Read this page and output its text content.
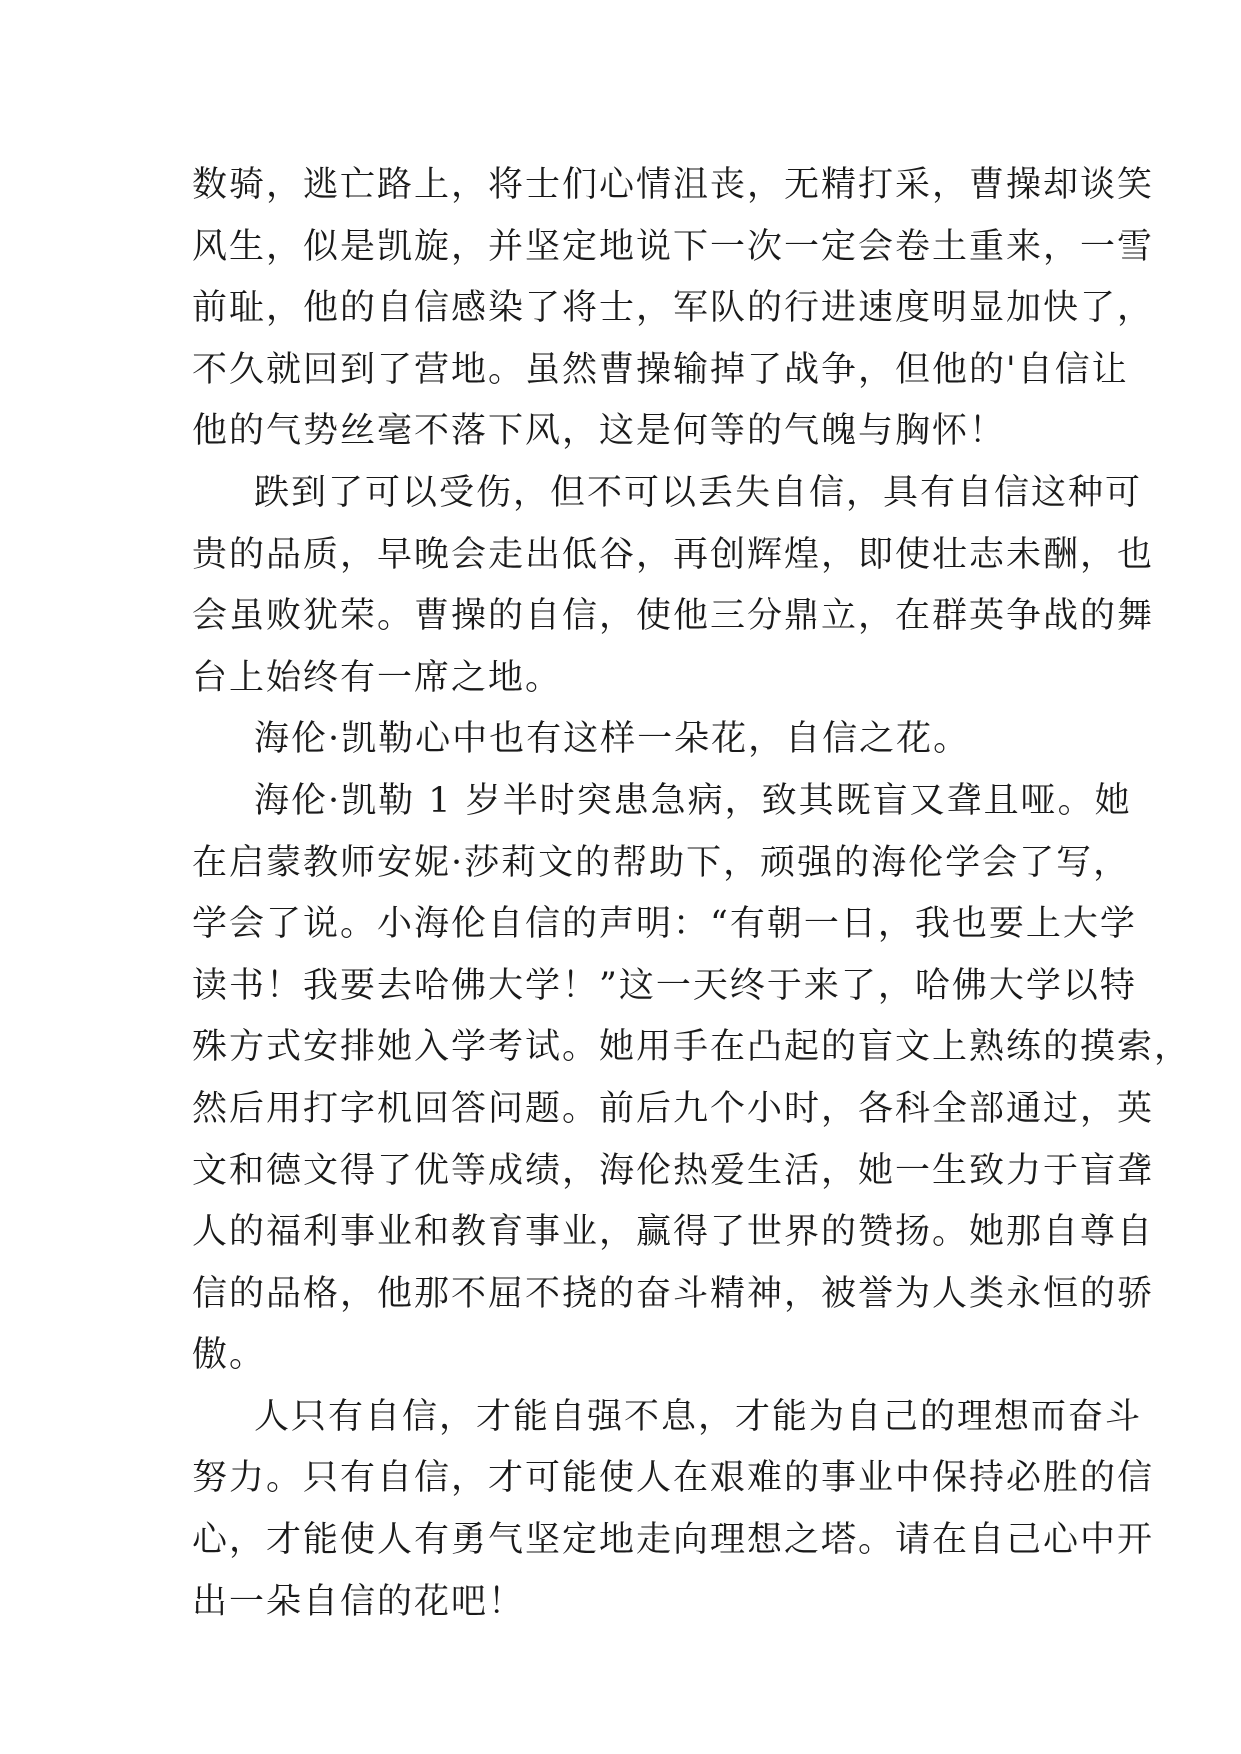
数骑，逃亡路上，将士们心情沮丧，无精打采，曹操却谈笑
风生，似是凯旋，并坚定地说下一次一定会卷土重来，一雪
前耻，他的自信感染了将士，军队的行进速度明显加快了，
不久就回到了营地。虽然曹操输掉了战争，但他的'自信让
他的气势丝毫不落下风，这是何等的气魄与胸怀！
跌到了可以受伤，但不可以丢失自信，具有自信这种可
贵的品质，早晚会走出低谷，再创辉煌，即使壮志未酬，也
会虽败犹荣。曹操的自信，使他三分鼎立，在群英争战的舞
台上始终有一席之地。
海伦·凯勒心中也有这样一朵花，自信之花。
海伦·凯勒 1 岁半时突患急病，致其既盲又聋且哑。她
在启蒙教师安妮·莎莉文的帮助下，顽强的海伦学会了写，
学会了说。小海伦自信的声明：“有朝一日，我也要上大学
读书！我要去哈佛大学！”这一天终于来了，哈佛大学以特
殊方式安排她入学考试。她用手在凸起的盲文上熟练的摸索，
然后用打字机回答问题。前后九个小时，各科全部通过，英
文和德文得了优等成绩，海伦热爱生活，她一生致力于盲聋
人的福利事业和教育事业，赢得了世界的赞扬。她那自尊自
信的品格，他那不屈不挠的奋斗精神，被誉为人类永恒的骄
傲。
人只有自信，才能自强不息，才能为自己的理想而奋斗
努力。只有自信，才可能使人在艰难的事业中保持必胜的信
心，才能使人有勇气坚定地走向理想之塔。请在自己心中开
出一朵自信的花吧！
